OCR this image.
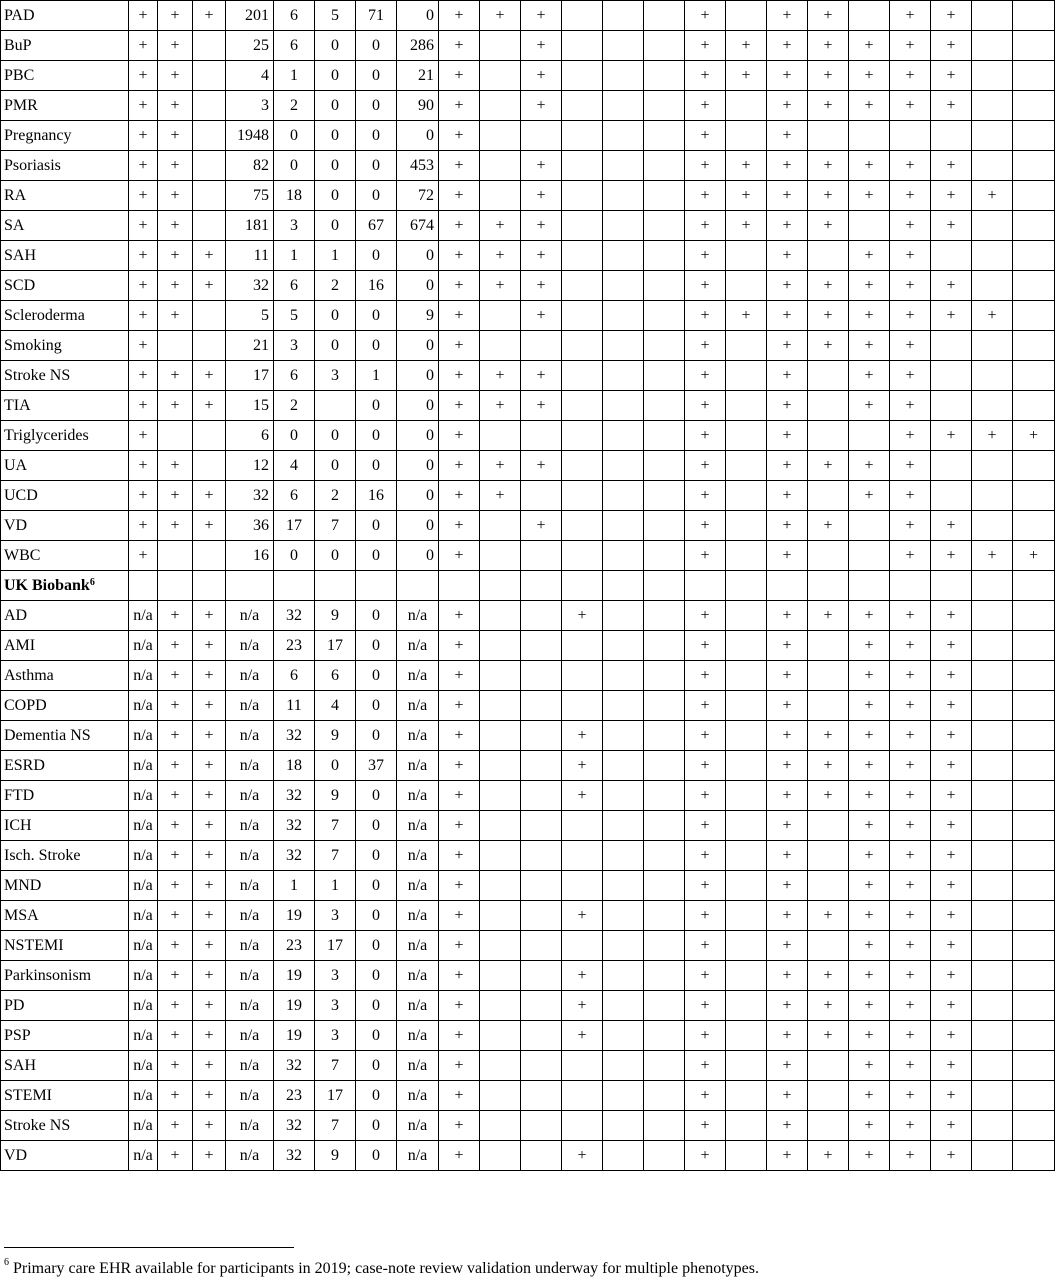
PAD	+	+	+	201	6	5	71	0	+	+	+				+		+	+		+	+		
BuP	+	+		25	6	0	0	286	+		+				+	+	+	+	+	+	+		
PBC	+	+		4	1	0	0	21	+		+				+	+	+	+	+	+	+		
PMR	+	+		3	2	0	0	90	+		+				+		+	+	+	+	+		
Pregnancy	+	+		1948	0	0	0	0	+						+		+						
Psoriasis	+	+		82	0	0	0	453	+		+				+	+	+	+	+	+	+		
RA	+	+		75	18	0	0	72	+		+				+	+	+	+	+	+	+	+	
SA	+	+		181	3	0	67	674	+	+	+				+	+	+	+		+	+		
SAH	+	+	+	11	1	1	0	0	+	+	+				+		+		+	+			
SCD	+	+	+	32	6	2	16	0	+	+	+				+		+	+	+	+	+		
Scleroderma	+	+		5	5	0	0	9	+		+				+	+	+	+	+	+	+	+	
Smoking	+			21	3	0	0	0	+						+		+	+	+	+			
Stroke NS	+	+	+	17	6	3	1	0	+	+	+				+		+		+	+			
TIA	+	+	+	15	2		0	0	+	+	+				+		+		+	+			
Triglycerides	+			6	0	0	0	0	+						+		+			+	+	+	+
UA	+	+		12	4	0	0	0	+	+	+				+		+	+	+	+			
UCD	+	+	+	32	6	2	16	0	+	+					+		+		+	+			
VD	+	+	+	36	17	7	0	0	+		+				+		+	+		+	+		
WBC	+			16	0	0	0	0	+						+		+			+	+	+	+
UK Biobank$^6$																							
AD	n/a	+	+	n/a	32	9	0	n/a	+			+			+		+	+	+	+	+		
AMI	n/a	+	+	n/a	23	17	0	n/a	+						+		+		+	+	+		
Asthma	n/a	+	+	n/a	6	6	0	n/a	+						+		+		+	+	+		
COPD	n/a	+	+	n/a	11	4	0	n/a	+						+		+		+	+	+		
Dementia NS	n/a	+	+	n/a	32	9	0	n/a	+			+			+		+	+	+	+	+		
ESRD	n/a	+	+	n/a	18	0	37	n/a	+			+			+		+	+	+	+	+		
FTD	n/a	+	+	n/a	32	9	0	n/a	+			+			+		+	+	+	+	+		
ICH	n/a	+	+	n/a	32	7	0	n/a	+						+		+		+	+	+		
Isch. Stroke	n/a	+	+	n/a	32	7	0	n/a	+						+		+		+	+	+		
MND	n/a	+	+	n/a	1	1	0	n/a	+						+		+		+	+	+		
MSA	n/a	+	+	n/a	19	3	0	n/a	+			+			+		+	+	+	+	+		
NSTEMI	n/a	+	+	n/a	23	17	0	n/a	+						+		+		+	+	+		
Parkinsonism	n/a	+	+	n/a	19	3	0	n/a	+			+			+		+	+	+	+	+		
PD	n/a	+	+	n/a	19	3	0	n/a	+			+			+		+	+	+	+	+		
PSP	n/a	+	+	n/a	19	3	0	n/a	+			+			+		+	+	+	+	+		
SAH	n/a	+	+	n/a	32	7	0	n/a	+						+		+		+	+	+		
STEMI	n/a	+	+	n/a	23	17	0	n/a	+						+		+		+	+	+		
Stroke NS	n/a	+	+	n/a	32	7	0	n/a	+						+		+		+	+	+		
VD	n/a	+	+	n/a	32	9	0	n/a	+			+			+		+	+	+	+	+		
$^6$ Primary care EHR available for participants in 2019; case-note review validation underway for multiple phenotypes.
